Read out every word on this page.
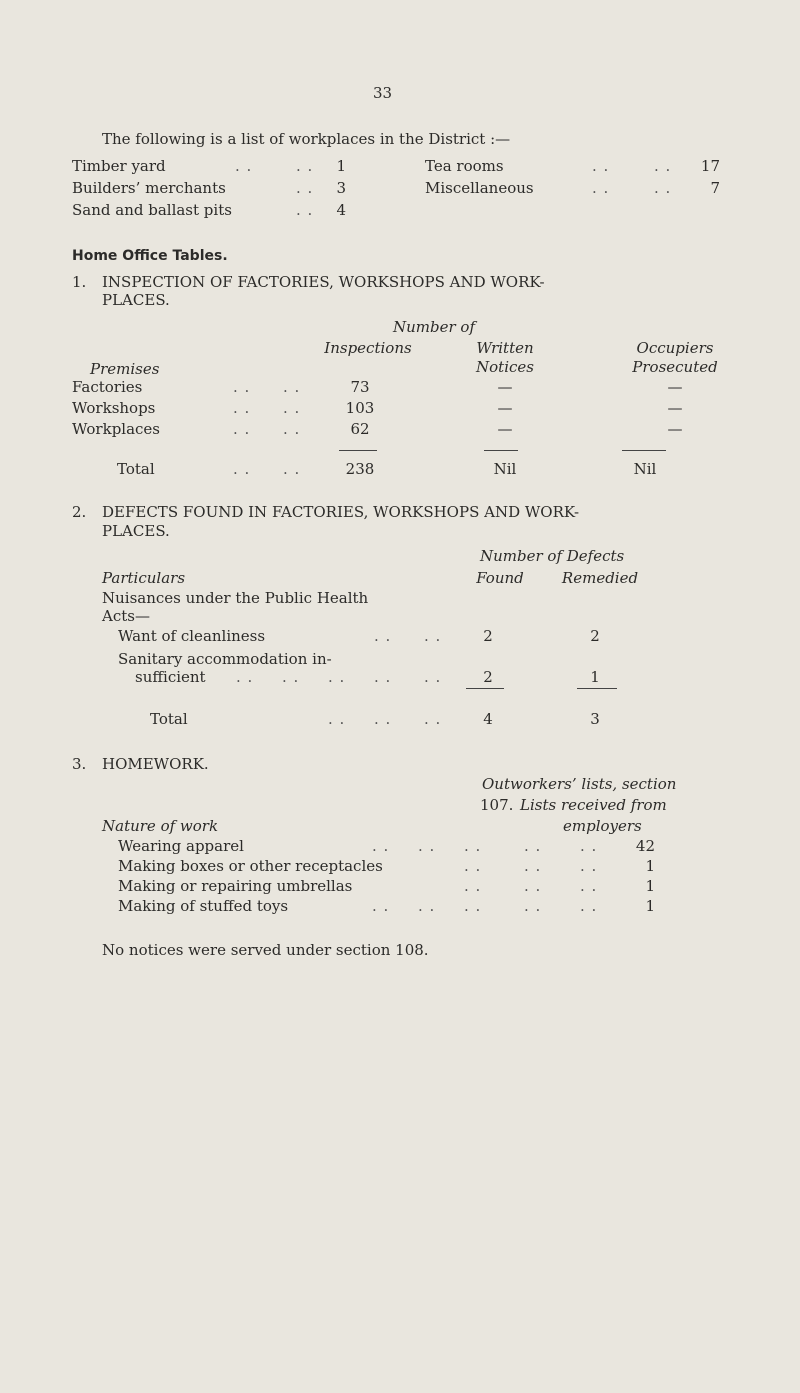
33
The following is a list of workplaces in the District :—
Timber yard	. .	. .	1
Builders’ merchants	. .	3
Sand and ballast pits	. .	4
Tea rooms	. .	. .	17
Miscellaneous	. .	. .	7
Home Office Tables.
1. INSPECTION OF FACTORIES, WORKSHOPS AND WORK-
PLACES.
Number of
Inspections	Written
Notices
Occupiers
Prosecuted
Premises
Factories	. . . .	73	—	—
Workshops	. . . .	103	—	—
Workplaces	. . . .	62	—	—
Total	. . . .	238	Nil	Nil
2. DEFECTS FOUND IN FACTORIES, WORKSHOPS AND WORK-
PLACES.
Number of Defects
Particulars	Found	Remedied
Nuisances under the Public Health
Acts—
Want of cleanliness	. . . .	2	2
Sanitary accommodation in-
sufficient . . . . . . . . . .	2	1
Total	. . . . . .	4	3
3. HOMEWORK.
Outworkers’ lists, section
107. Lists received from
employers
Nature of work
Wearing apparel	. . . . . .	. .	. .	42
Making boxes or other receptacles	. .	. .	. .	1
Making or repairing umbrellas	. .	. .	. .	1
Making of stuffed toys	. . . . . .	. .	. .	1
No notices were served under section 108.
